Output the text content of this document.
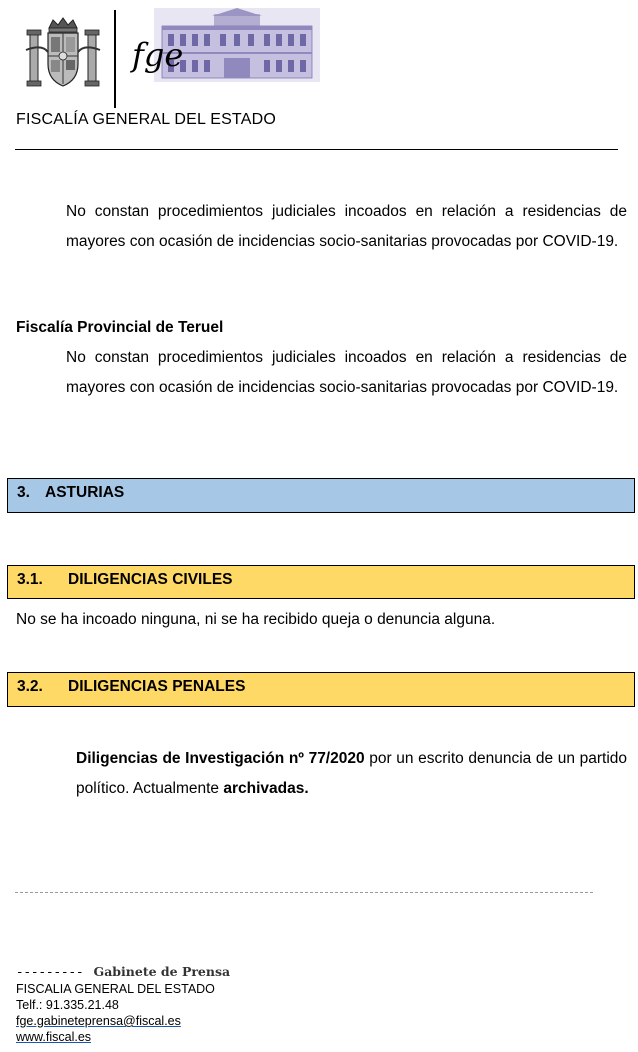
fge
FISCALÍA GENERAL DEL ESTADO

No constan procedimientos judiciales incoados en relación a residencias de mayores con ocasión de incidencias socio-sanitarias provocadas por COVID-19.

Fiscalía Provincial de Teruel

No constan procedimientos judiciales incoados en relación a residencias de mayores con ocasión de incidencias socio-sanitarias provocadas por COVID-19.

3. ASTURIAS
3.1. DILIGENCIAS CIVILES
No se ha incoado ninguna, ni se ha recibido queja o denuncia alguna.
3.2. DILIGENCIAS PENALES

Diligencias de Investigación nº 77/2020 por un escrito denuncia de un partido político. Actualmente archivadas.

--------- Gabinete de Prensa
FISCALIA GENERAL DEL ESTADO
Telf.: 91.335.21.48
fge.gabineteprensa@fiscal.es
www.fiscal.es
